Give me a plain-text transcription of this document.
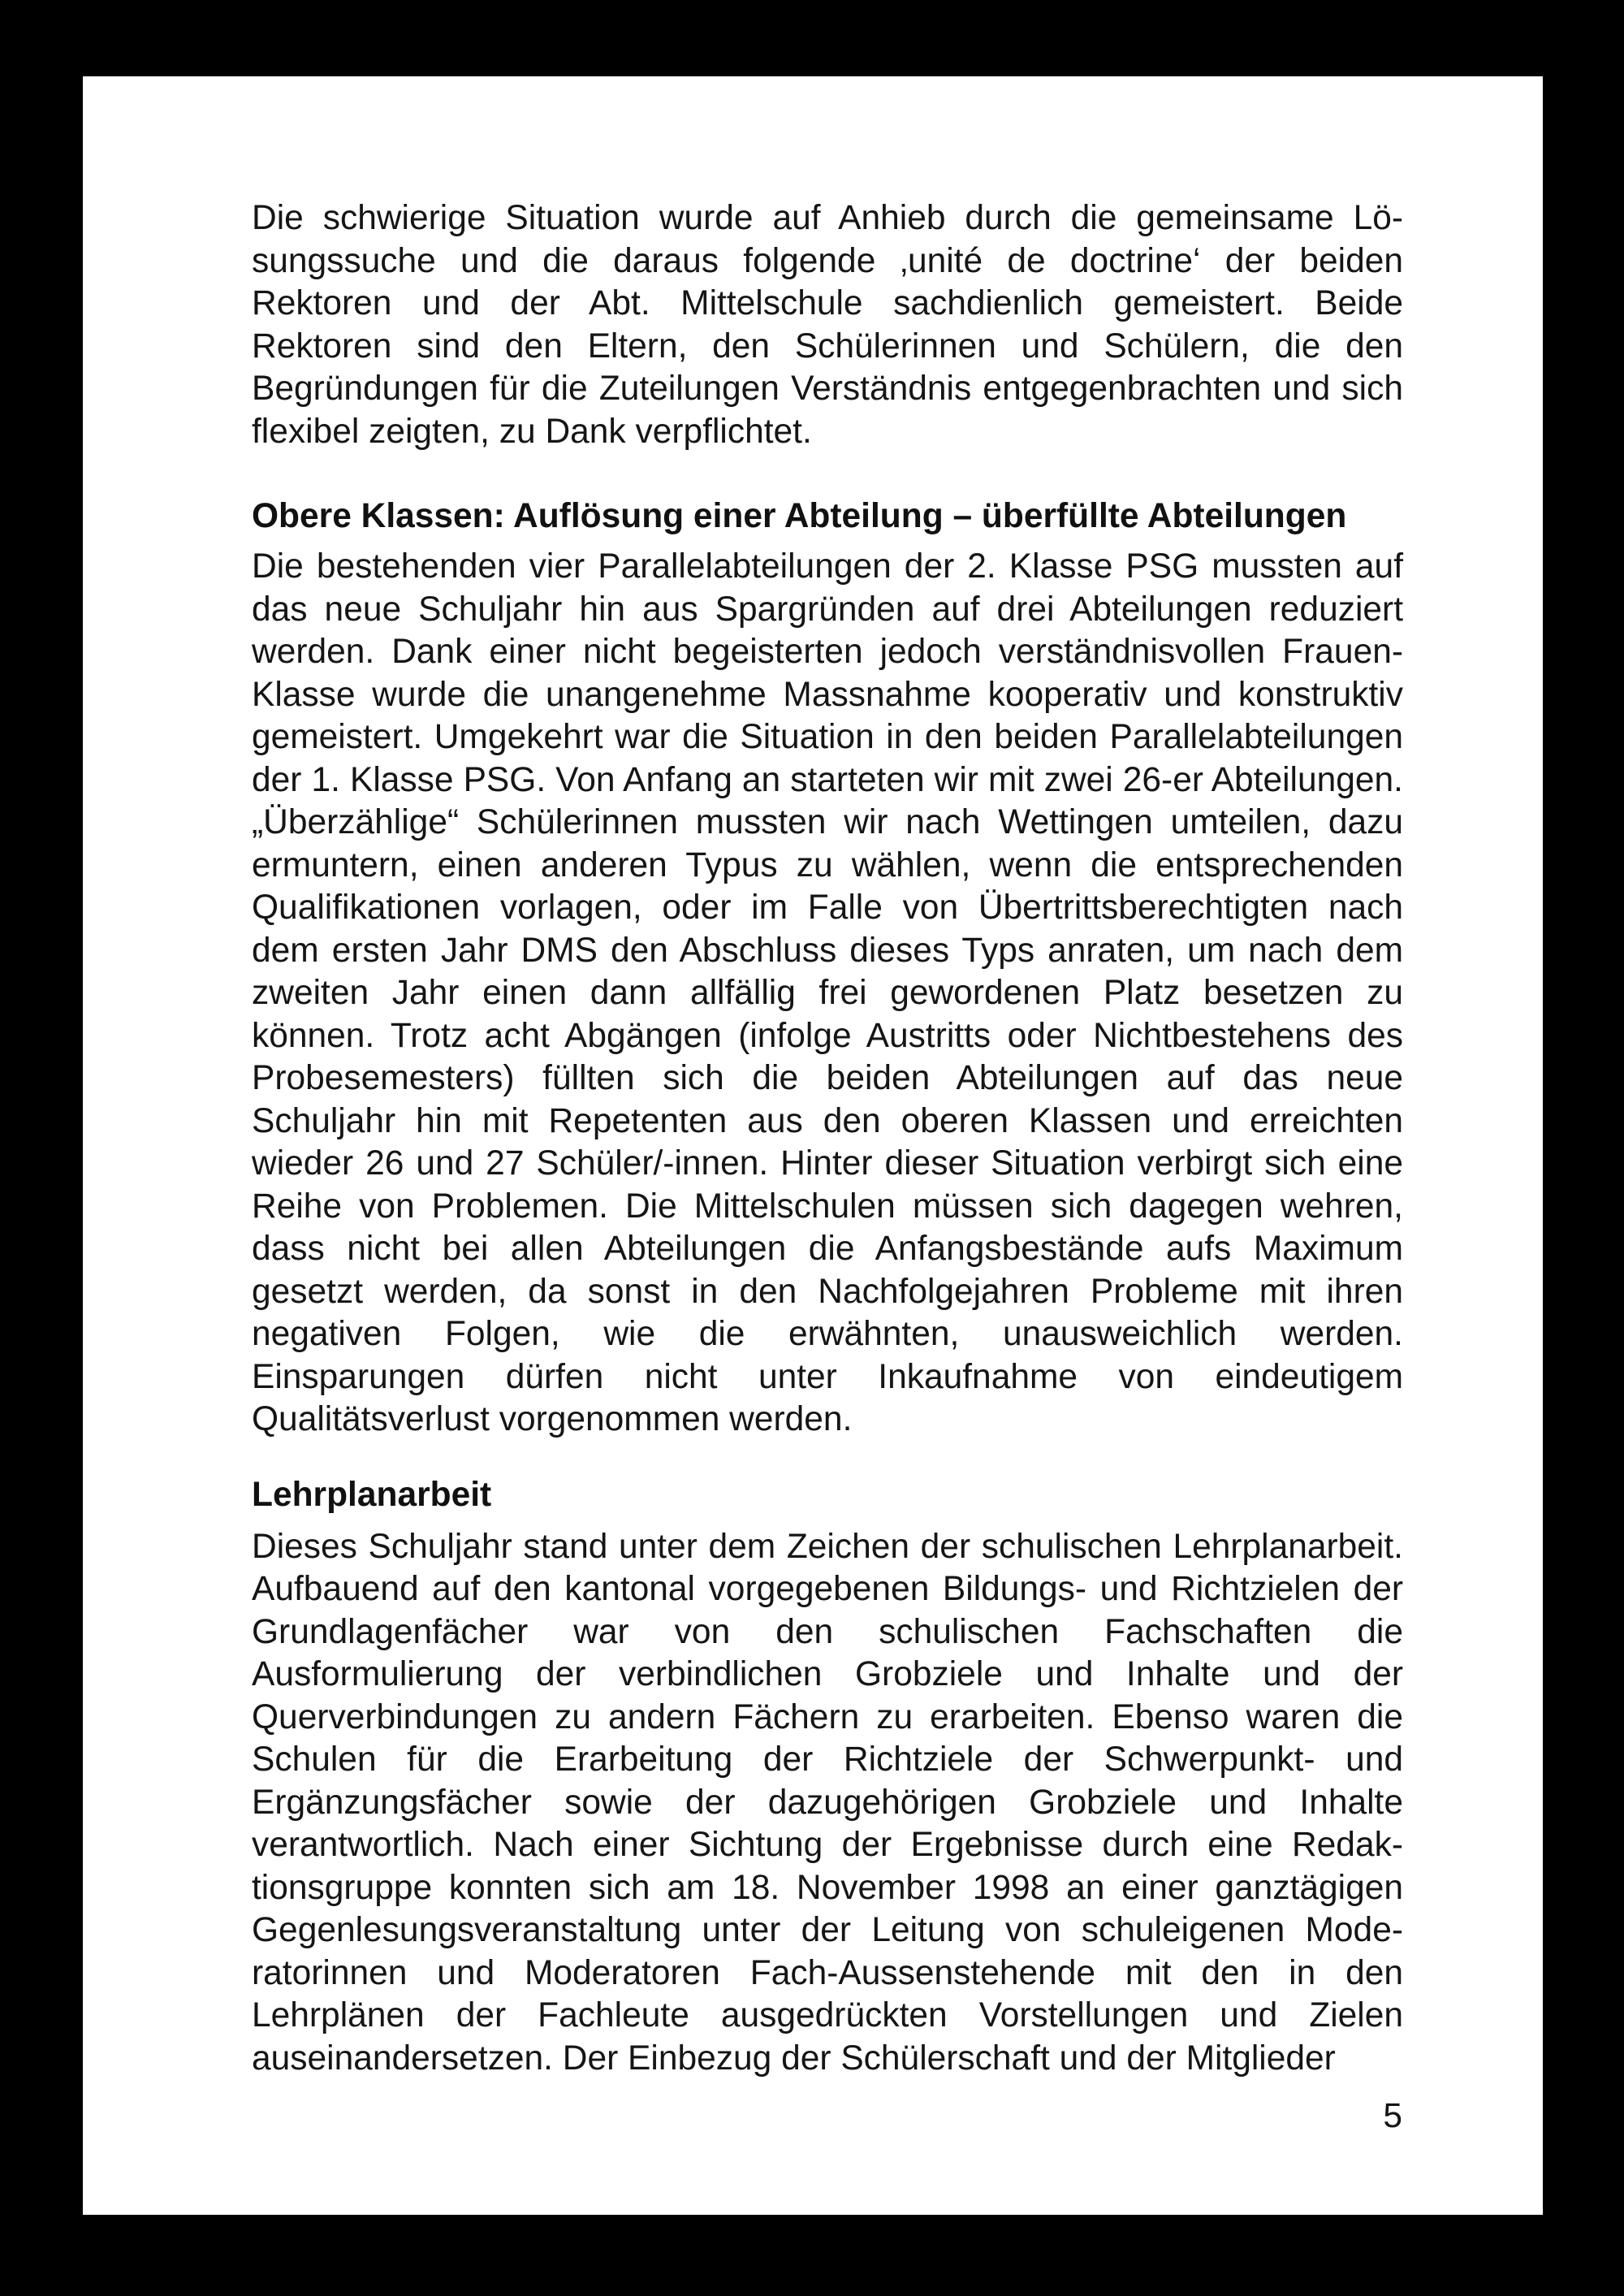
Die schwierige Situation wurde auf Anhieb durch die gemeinsame Lösungssuche und die daraus folgende ‚unité de doctrine‘ der beiden Rektoren und der Abt. Mittelschule sachdienlich gemeistert. Beide Rektoren sind den Eltern, den Schülerinnen und Schülern, die den Begründungen für die Zuteilungen Verständnis entgegenbrachten und sich flexibel zeigten, zu Dank verpflichtet.

Obere Klassen: Auflösung einer Abteilung – überfüllte Abteilungen

Die bestehenden vier Parallelabteilungen der 2. Klasse PSG mussten auf das neue Schuljahr hin aus Spargründen auf drei Abteilungen reduziert werden. Dank einer nicht begeisterten jedoch verständnisvollen Frauen-Klasse wurde die unangenehme Massnahme kooperativ und konstruktiv gemeistert. Umgekehrt war die Situation in den beiden Parallelabteilungen der 1. Klasse PSG. Von Anfang an starteten wir mit zwei 26-er Abteilungen. „Überzählige“ Schülerinnen mussten wir nach Wettingen umteilen, dazu ermuntern, einen anderen Typus zu wählen, wenn die entsprechenden Qualifikationen vorlagen, oder im Falle von Übertrittsberechtigten nach dem ersten Jahr DMS den Abschluss dieses Typs anraten, um nach dem zweiten Jahr einen dann allfällig frei gewordenen Platz besetzen zu können. Trotz acht Abgängen (infolge Austritts oder Nichtbestehens des Probesemesters) füllten sich die beiden Abteilungen auf das neue Schuljahr hin mit Repetenten aus den oberen Klassen und erreichten wieder 26 und 27 Schüler/-innen. Hinter dieser Situation verbirgt sich eine Reihe von Problemen. Die Mittelschulen müssen sich dagegen wehren, dass nicht bei allen Abteilungen die Anfangsbestände aufs Maximum gesetzt werden, da sonst in den Nachfolgejahren Probleme mit ihren negativen Folgen, wie die erwähnten, unausweichlich werden. Einsparungen dürfen nicht unter Inkaufnahme von eindeutigem Qualitätsverlust vorgenommen werden.

Lehrplanarbeit

Dieses Schuljahr stand unter dem Zeichen der schulischen Lehrplanarbeit. Aufbauend auf den kantonal vorgegebenen Bildungs- und Richtzielen der Grundlagenfächer war von den schulischen Fachschaften die Ausformulierung der verbindlichen Grobziele und Inhalte und der Querverbindungen zu andern Fächern zu erarbeiten. Ebenso waren die Schulen für die Erarbeitung der Richtziele der Schwerpunkt- und Ergänzungsfächer sowie der dazugehörigen Grobziele und Inhalte verantwortlich. Nach einer Sichtung der Ergebnisse durch eine Redaktionsgruppe konnten sich am 18. November 1998 an einer ganztägigen Gegenlesungsveranstaltung unter der Leitung von schuleigenen Moderatorinnen und Moderatoren Fach-Aussenstehende mit den in den Lehrplänen der Fachleute ausgedrückten Vorstellungen und Zielen auseinandersetzen. Der Einbezug der Schülerschaft und der Mitglieder

5
